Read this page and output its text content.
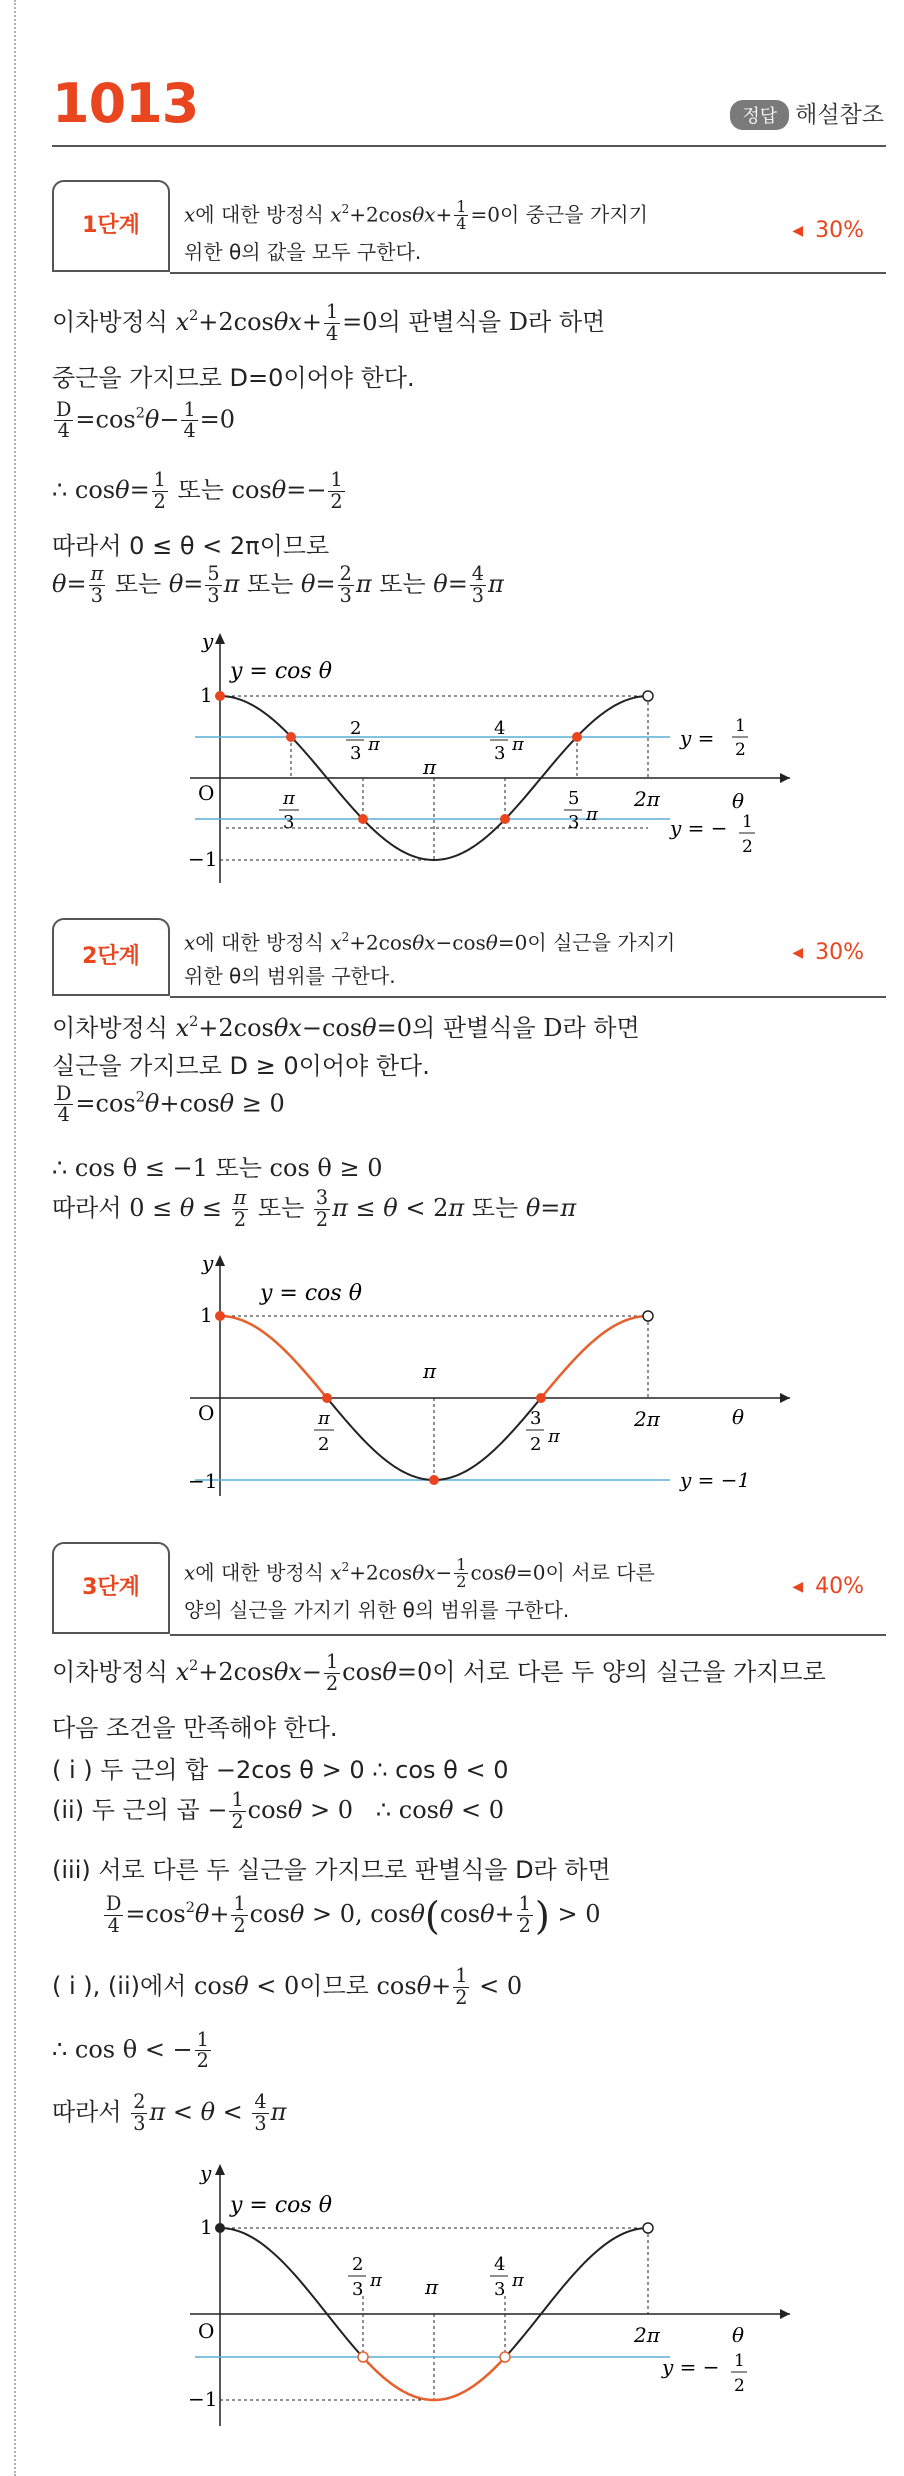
1013	정답 해설참조
1단계	x에 대한 방정식 $x^2+2\cos\theta x+ \frac{1}{4} =0$이 중근을 가지기
위한 θ의 값을 모두 구한다.
◀ 30%
이차방정식 $x^2+2\cos\theta x+ \frac{1}{4} =0$의 판별식을 D라 하면
중근을 가지므로 D=0이어야 한다.
$\frac{D}{4} =\cos^2\theta- \frac{1}{4} =0$
∴ $\cos\theta= \frac{1}{2}$ 또는 $\cos\theta=- \frac{1}{2}$
따라서 0 ≤ θ < 2π이므로
$\theta= \frac{\pi}{3}$ 또는 $\theta= \frac{5}{3}$ π 또는 $\theta= \frac{2}{3}$ π 또는 $\theta= \frac{4}{3}$ π
y
θ
O
1
−1
y = cos θ
π
2π
π
3
2
3 π
4
3 π
5
3 π
y = 1
2
y = − 1
2
2단계
x에 대한 방정식 $x^2+2\cos\theta x-\cos\theta=0$이 실근을 가지기
위한 θ의 범위를 구한다.
◀ 30%
이차방정식 $x^2+2\cos\theta x-\cos\theta=0$의 판별식을 D라 하면
실근을 가지므로 D ≥ 0이어야 한다.
$\frac{D}{4} =\cos^2\theta+\cos\theta \ge 0$
∴ cos θ ≤ −1 또는 cos θ ≥ 0
따라서 $0 \le \theta \le \frac{\pi}{2}$ 또는 $\frac{3}{2}$ π ≤ θ < 2π 또는 θ=π
y
θ
O
1
−1
y = cos θ
π
2π
π
2
3
2 π
y = −1
3단계
x에 대한 방정식 $x^2+2\cos\theta x- \frac{1}{2} \cos\theta=0$이 서로 다른
양의 실근을 가지기 위한 θ의 범위를 구한다.
◀ 40%
이차방정식 $x^2+2\cos\theta x- \frac{1}{2} \cos\theta=0$이 서로 다른 두 양의 실근을 가지므로
다음 조건을 만족해야 한다.
( i ) 두 근의 합 −2cos θ > 0 ∴ cos θ < 0
(ii) 두 근의 곱 − $\frac{1}{2}$ cosθ > 0   ∴ cosθ < 0
(iii) 서로 다른 두 실근을 가지므로 판별식을 D라 하면
$\frac{D}{4} =\cos^2\theta+ \frac{1}{2}$ cosθ > 0, $\cos\theta(\cos\theta+ \frac{1}{2}$ ) > 0
( i ), (ii)에서 cosθ < 0이므로 $\cos\theta+ \frac{1}{2} < 0$
∴ cos θ < − $\frac{1}{2}$
따라서 $\frac{2}{3}$ $\pi < \theta < \frac{4}{3}$ π
y
θ
O
1
−1
y = cos θ
π
2π
2
3 π
4
3 π
y = − 1
2
